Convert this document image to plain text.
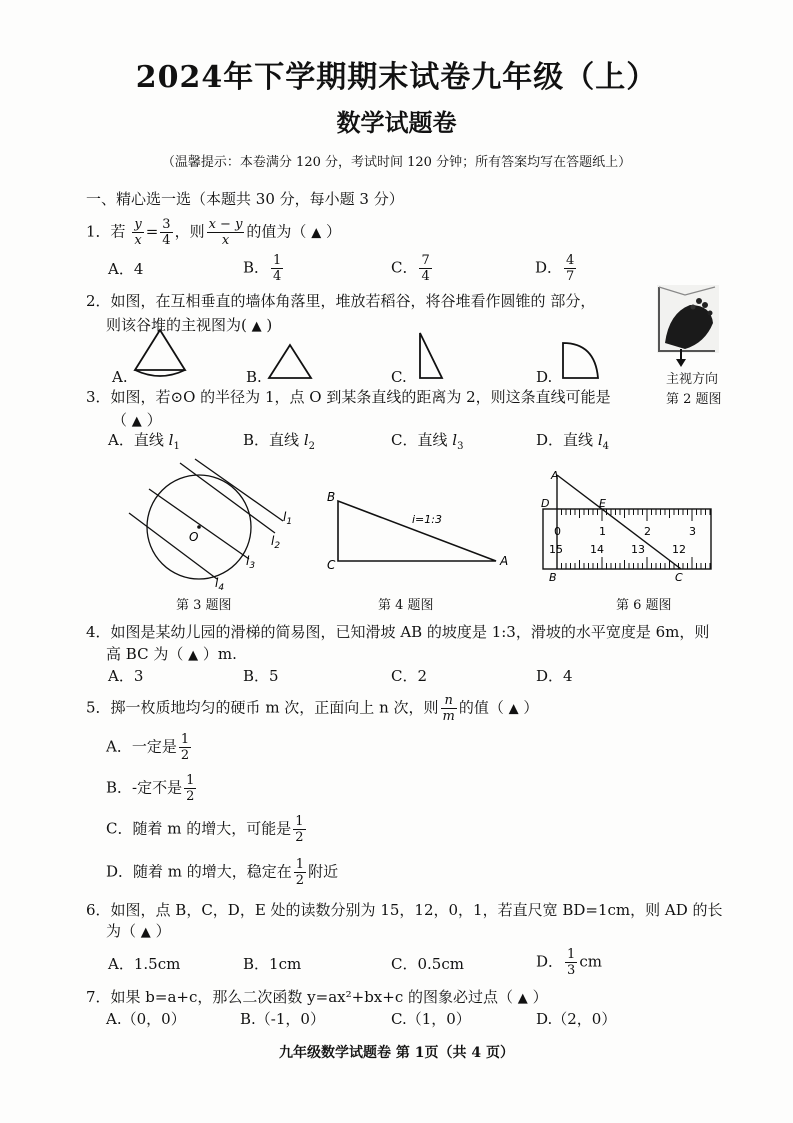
2024年下学期期末试卷九年级（上）
数学试题卷
（温馨提示：本卷满分 120 分，考试时间 120 分钟；所有答案均写在答题纸上）
一、精心选一选（本题共 30 分，每小题 3 分）
1．若 $\frac{y}{x} = \frac{3}{4}$ ，则 $\frac{x - y}{x}$ 的值为（ ▲ ）
A．4	B． $\frac{1}{4}$	C． $\frac{7}{4}$	D． $\frac{4}{7}$
2．如图，在互相垂直的墙体角落里，堆放若稻谷，将谷堆看作圆锥的 部分，
则该谷堆的主视图为( ▲ )
A.	B.	C.	D.	主视方向
第 2 题图
3．如图，若⊙O 的半径为 1，点 O 到某条直线的距离为 2，则这条直线可能是
（ ▲ ）
A．直线 $l_1$	B．直线 $l_2$	C．直线 $l_3$	D．直线 $l_4$
O
$l_1$
$l_2$
$l_3$
$l_4$
第 3 题图
B
C	A
i=1:3
第 4 题图
A
D	E
B	C
0	1	2	3
15 14 13 12
第 6 题图
4．如图是某幼儿园的滑梯的简易图，已知滑坡 AB 的坡度是 1:3，滑坡的水平宽度是 6m，则
高 BC 为（ ▲ ）m.
A．3	B．5	C．2	D．4
5．掷一枚质地均匀的硬币 m 次，正面向上 n 次，则 $\frac{n}{m}$ 的值（ ▲ ）
A．一定是 $\frac{1}{2}$
B．-定不是 $\frac{1}{2}$
C．随着 m 的增大，可能是 $\frac{1}{2}$
D．随着 m 的增大，稳定在 $\frac{1}{2}$ 附近
6．如图，点 B，C，D，E 处的读数分别为 15，12，0，1，若直尺宽 BD=1cm，则 AD 的长
为（ ▲ ）
A．1.5cm	B．1cm	C．0.5cm	D． $\frac{1}{3}$ cm
7．如果 b=a+c，那么二次函数 y=ax²+bx+c 的图象必过点（ ▲ ）
A.（0，0）	B.（-1，0）	C.（1，0）	D.（2，0）
九年级数学试题卷 第 1页（共 4 页）
